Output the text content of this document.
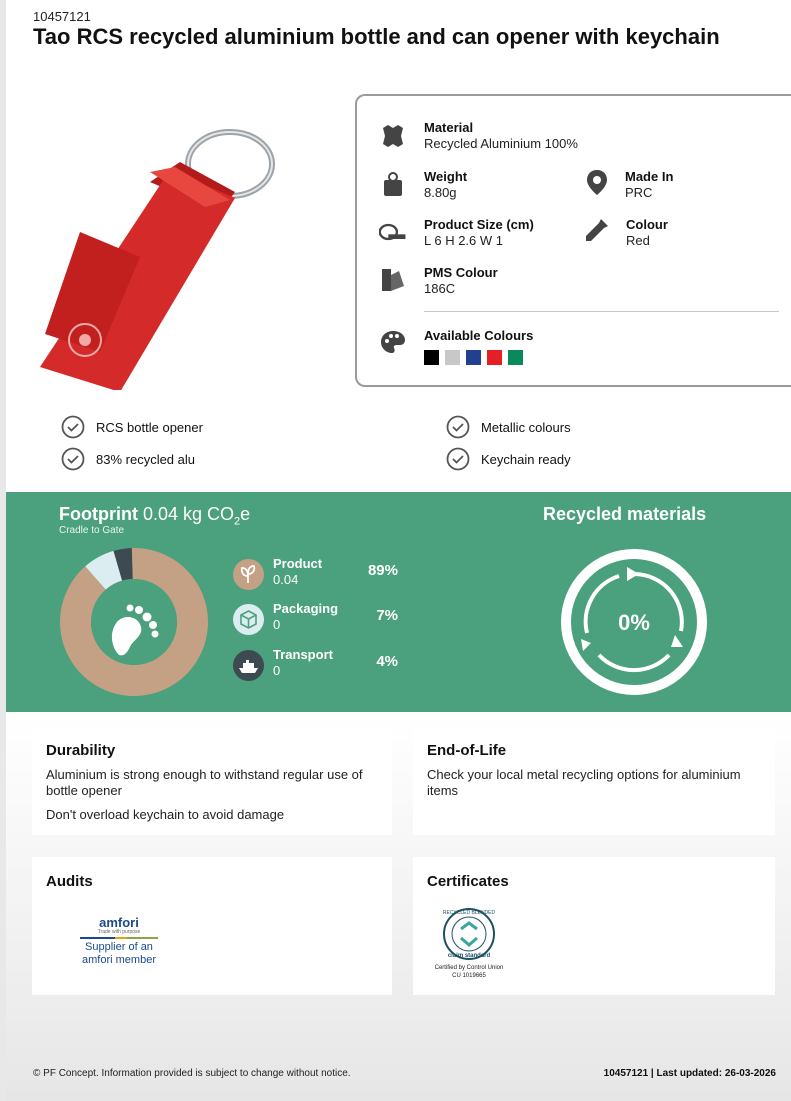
10457121
Tao RCS recycled aluminium bottle and can opener with keychain
Material
Recycled Aluminium 100%
Weight
8.80g
Made In
PRC
Product Size (cm)
L 6 H 2.6 W 1
Colour
Red
PMS Colour
186C
Available Colours
RCS bottle opener
83% recycled alu
Metallic colours
Keychain ready
Footprint 0.04 kg $CO_2e$
Cradle to Gate
Product
0.04
89%
Packaging
0
7%
Transport
0
4%
Recycled materials
0%
Durability
Aluminium is strong enough to withstand regular use of bottle opener
Don't overload keychain to avoid damage
End-of-Life
Check your local metal recycling options for aluminium items
Audits
amfori
Trade with purpose
Supplier of an
amfori member
Certificates
RECYCLED BLENDED
claim standard
Certified by Control Union
CU 1019665
© PF Concept. Information provided is subject to change without notice.	10457121 | Last updated: 26-03-2026
